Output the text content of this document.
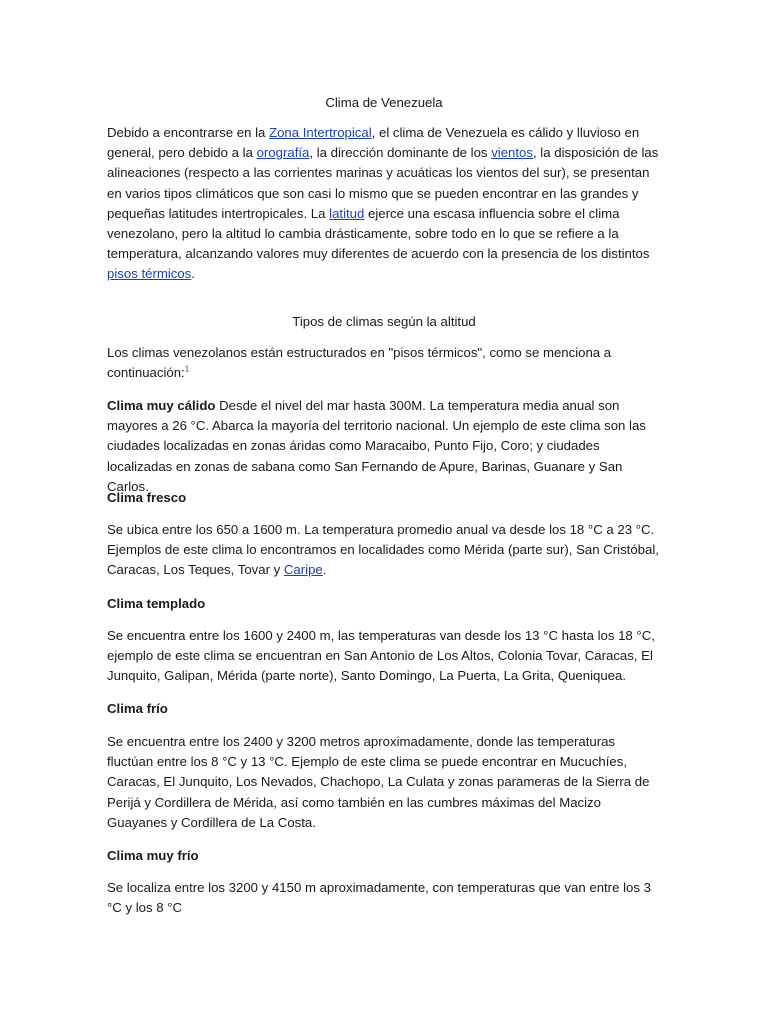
Clima de Venezuela

Debido a encontrarse en la Zona Intertropical, el clima de Venezuela es cálido y lluvioso en general, pero debido a la orografía, la dirección dominante de los vientos, la disposición de las alineaciones (respecto a las corrientes marinas y acuáticas los vientos del sur), se presentan en varios tipos climáticos que son casi lo mismo que se pueden encontrar en las grandes y pequeñas latitudes intertropicales. La latitud ejerce una escasa influencia sobre el clima venezolano, pero la altitud lo cambia drásticamente, sobre todo en lo que se refiere a la temperatura, alcanzando valores muy diferentes de acuerdo con la presencia de los distintos pisos térmicos.

Tipos de climas según la altitud

Los climas venezolanos están estructurados en "pisos térmicos", como se menciona a continuación:$^1$

Clima muy cálido Desde el nivel del mar hasta 300M. La temperatura media anual son mayores a 26 °C. Abarca la mayoría del territorio nacional. Un ejemplo de este clima son las ciudades localizadas en zonas áridas como Maracaibo, Punto Fijo, Coro; y ciudades localizadas en zonas de sabana como San Fernando de Apure, Barinas, Guanare y San Carlos.

Clima fresco

Se ubica entre los 650 a 1600 m. La temperatura promedio anual va desde los 18 °C a 23 °C. Ejemplos de este clima lo encontramos en localidades como Mérida (parte sur), San Cristóbal, Caracas, Los Teques, Tovar y Caripe.

Clima templado

Se encuentra entre los 1600 y 2400 m, las temperaturas van desde los 13 °C hasta los 18 °C, ejemplo de este clima se encuentran en San Antonio de Los Altos, Colonia Tovar, Caracas, El Junquito, Galipan, Mérida (parte norte), Santo Domingo, La Puerta, La Grita, Queniquea.

Clima frío

Se encuentra entre los 2400 y 3200 metros aproximadamente, donde las temperaturas fluctúan entre los 8 °C y 13 °C. Ejemplo de este clima se puede encontrar en Mucuchíes, Caracas, El Junquito, Los Nevados, Chachopo, La Culata y zonas parameras de la Sierra de Perijá y Cordillera de Mérida, así como también en las cumbres máximas del Macizo Guayanes y Cordillera de La Costa.

Clima muy frío

Se localiza entre los 3200 y 4150 m aproximadamente, con temperaturas que van entre los 3 °C y los 8 °C
